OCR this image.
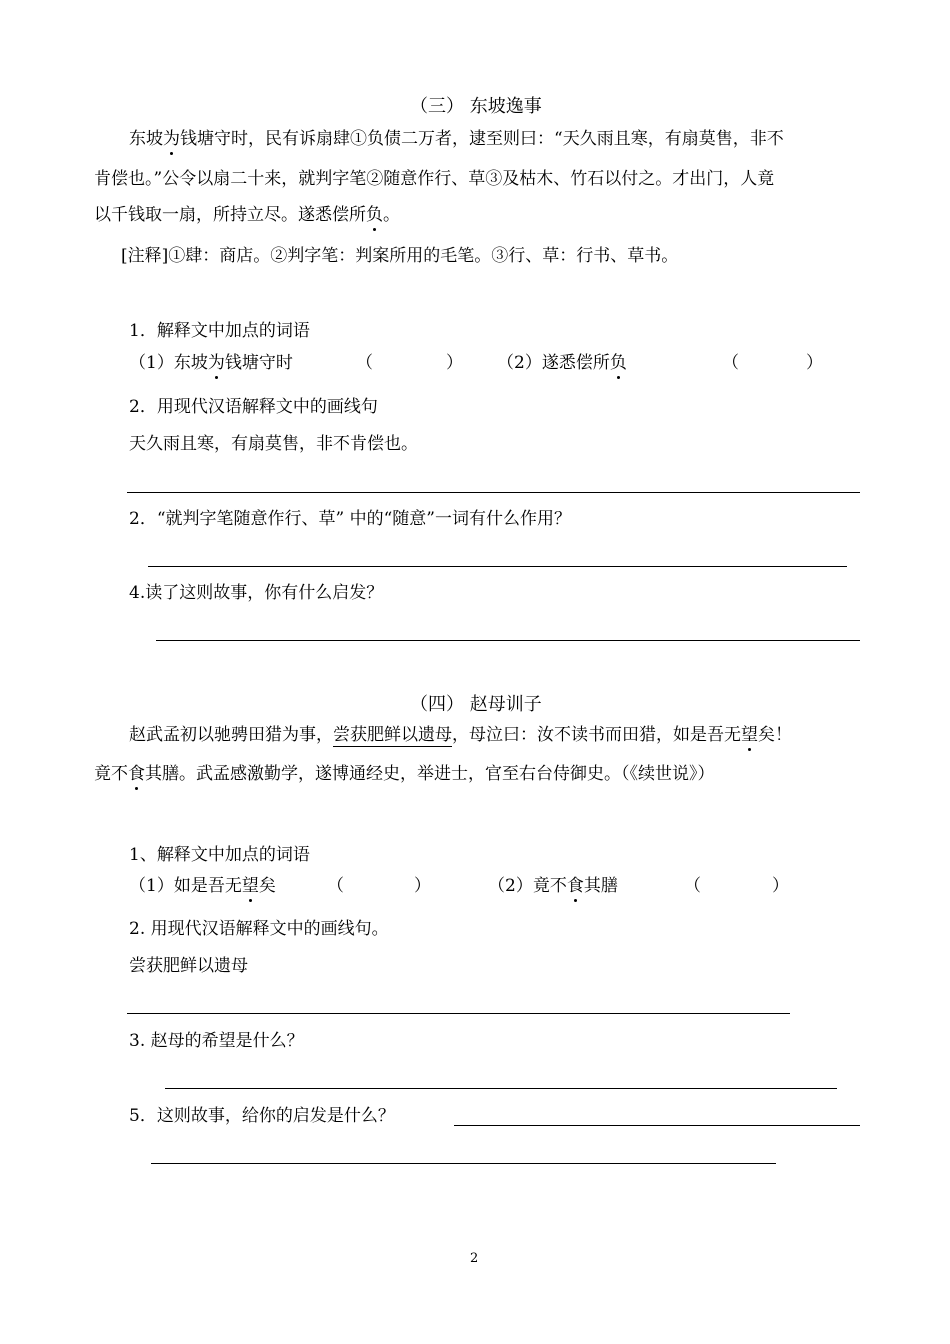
（三） 东坡逸事
东坡为钱塘守时，民有诉扇肆①负债二万者，逮至则曰：“天久雨且寒，有扇莫售，非不
肯偿也。”公令以扇二十来，就判字笔②随意作行、草③及枯木、竹石以付之。才出门，人竟
以千钱取一扇，所持立尽。遂悉偿所负。
[注释]①肆：商店。②判字笔：判案所用的毛笔。③行、草：行书、草书。
1．解释文中加点的词语
（1）东坡为钱塘守时	（	） （2）遂悉偿所负	（	）
2．用现代汉语解释文中的画线句
天久雨且寒，有扇莫售，非不肯偿也。
2．“就判字笔随意作行、草” 中的“随意”一词有什么作用？
4.读了这则故事，你有什么启发？
（四） 赵母训子
赵武孟初以驰骋田猎为事，尝获肥鲜以遗母，母泣曰：汝不读书而田猎，如是吾无望矣！
竟不食其膳。武孟感激勤学，遂博通经史，举进士，官至右台侍御史。（《续世说》）
1、解释文中加点的词语
（1）如是吾无望矣	（	）	（2）竟不食其膳	（	）
2. 用现代汉语解释文中的画线句。
尝获肥鲜以遗母
3. 赵母的希望是什么？
5．这则故事，给你的启发是什么？
2
